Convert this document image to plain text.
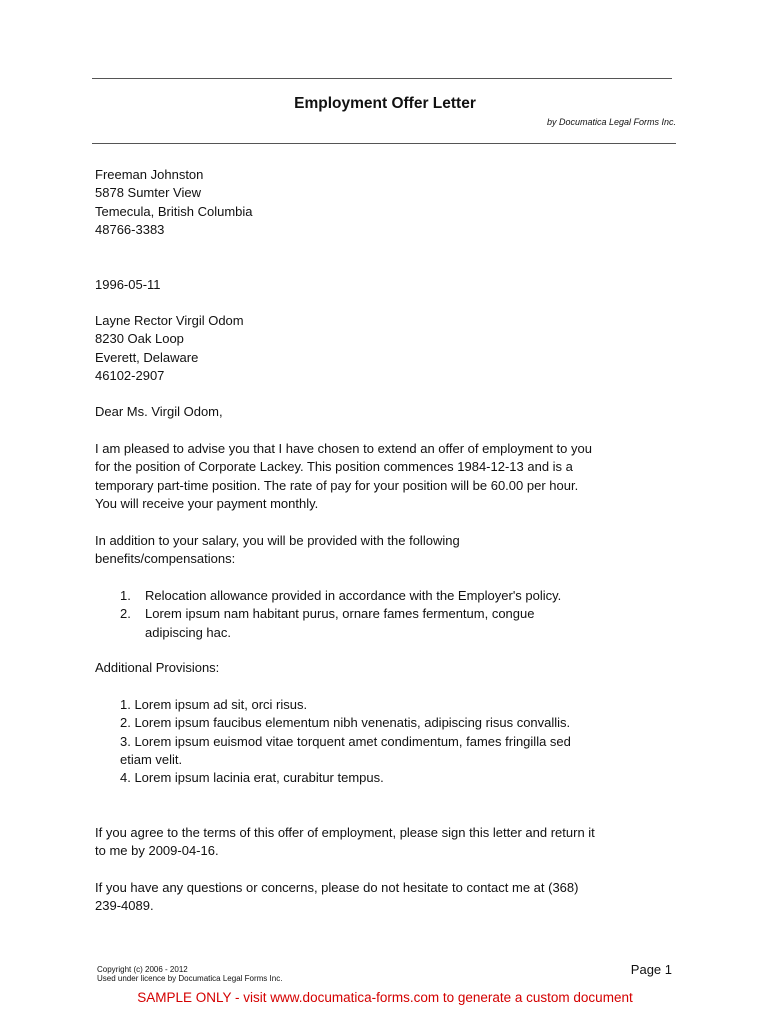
Employment Offer Letter
by Documatica Legal Forms Inc.
Freeman Johnston
5878 Sumter View
Temecula, British Columbia
48766-3383
1996-05-11
Layne Rector Virgil Odom
8230 Oak Loop
Everett, Delaware
46102-2907
Dear Ms. Virgil Odom,
I am pleased to advise you that I have chosen to extend an offer of employment to you
for the position of Corporate Lackey. This position commences 1984-12-13 and is a
temporary part-time position. The rate of pay for your position will be 60.00 per hour.
You will receive your payment monthly.
In addition to your salary, you will be provided with the following
benefits/compensations:
1. Relocation allowance provided in accordance with the Employer's policy.
2. Lorem ipsum nam habitant purus, ornare fames fermentum, congue
adipiscing hac.
Additional Provisions:
1. Lorem ipsum ad sit, orci risus.
2. Lorem ipsum faucibus elementum nibh venenatis, adipiscing risus convallis.
3. Lorem ipsum euismod vitae torquent amet condimentum, fames fringilla sed
etiam velit.
4. Lorem ipsum lacinia erat, curabitur tempus.
If you agree to the terms of this offer of employment, please sign this letter and return it
to me by 2009-04-16.
If you have any questions or concerns, please do not hesitate to contact me at (368)
239-4089.
Copyright (c) 2006 - 2012
Used under licence by Documatica Legal Forms Inc.
Page 1
SAMPLE ONLY - visit www.documatica-forms.com to generate a custom document
